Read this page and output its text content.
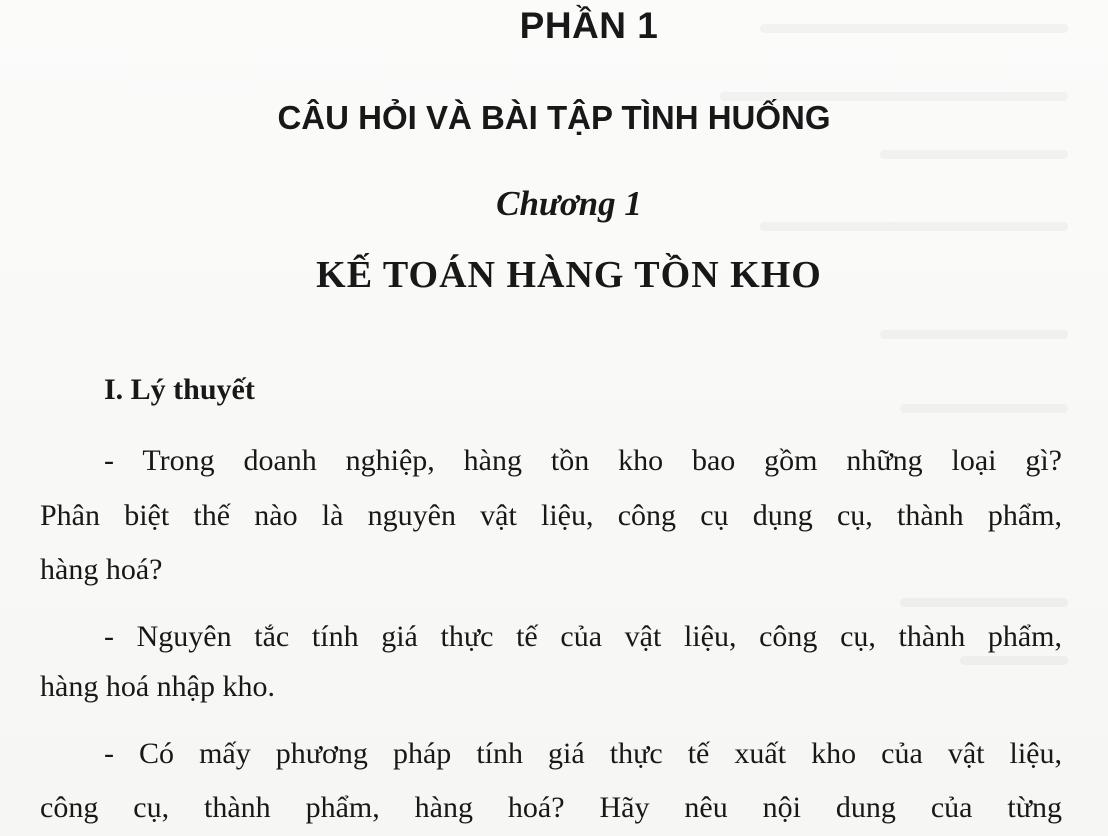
PHẦN 1
CÂU HỎI VÀ BÀI TẬP TÌNH HUỐNG
Chương 1
KẾ TOÁN HÀNG TỒN KHO
I. Lý thuyết

- Trong doanh nghiệp, hàng tồn kho bao gồm những loại gì?

Phân biệt thế nào là nguyên vật liệu, công cụ dụng cụ, thành phẩm,

hàng hoá?

- Nguyên tắc tính giá thực tế của vật liệu, công cụ, thành phẩm,

hàng hoá nhập kho.

- Có mấy phương pháp tính giá thực tế xuất kho của vật liệu,

công cụ, thành phẩm, hàng hoá? Hãy nêu nội dung của từng
